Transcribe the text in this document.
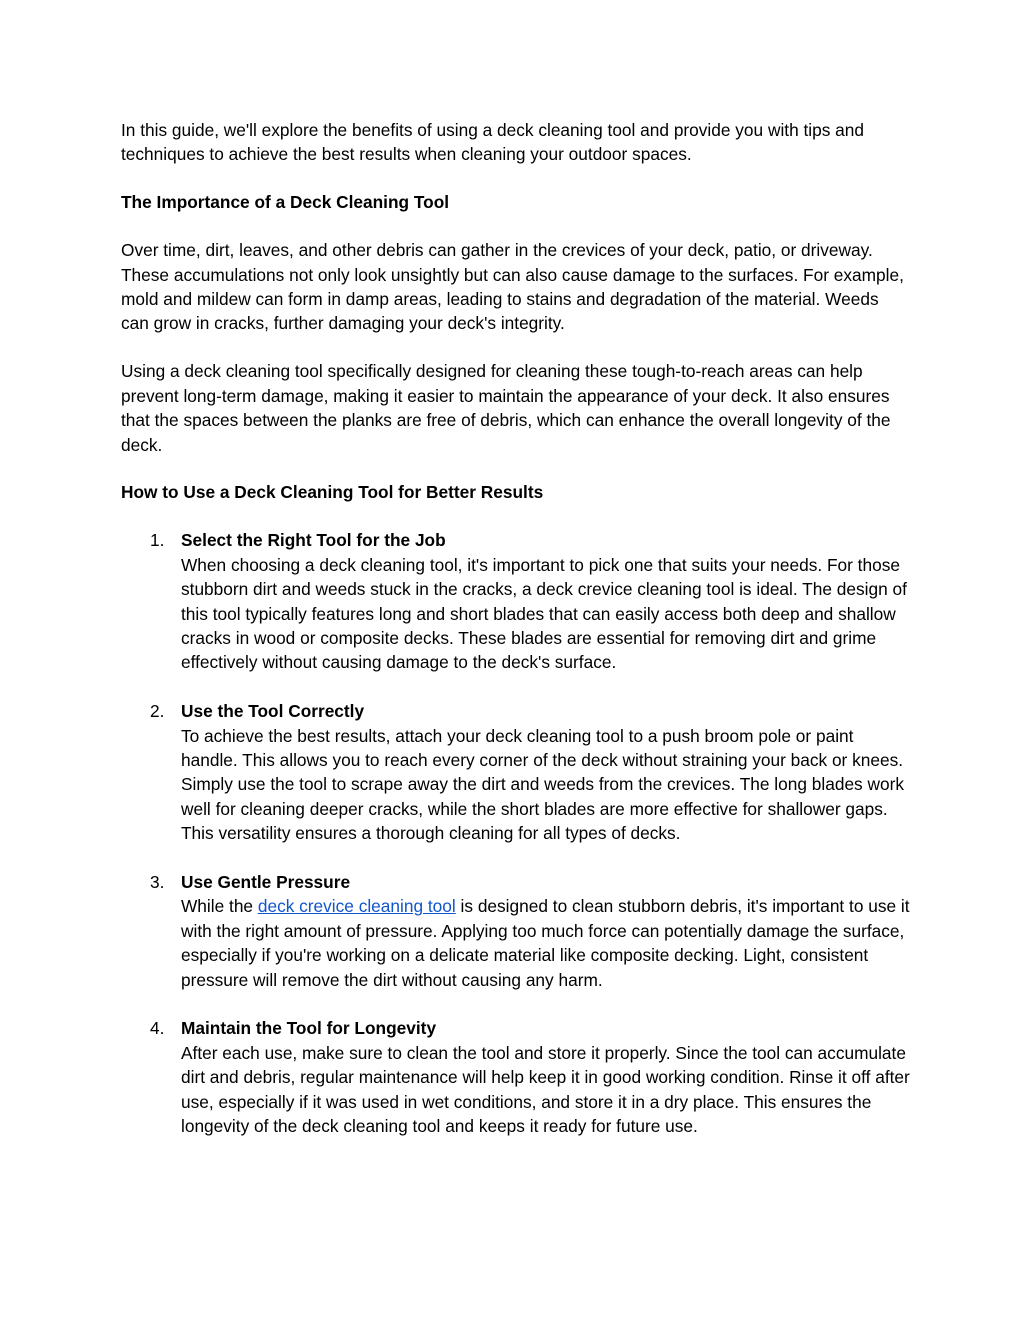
In this guide, we'll explore the benefits of using a deck cleaning tool and provide you with tips and techniques to achieve the best results when cleaning your outdoor spaces.

The Importance of a Deck Cleaning Tool

Over time, dirt, leaves, and other debris can gather in the crevices of your deck, patio, or driveway. These accumulations not only look unsightly but can also cause damage to the surfaces. For example, mold and mildew can form in damp areas, leading to stains and degradation of the material. Weeds can grow in cracks, further damaging your deck's integrity.

Using a deck cleaning tool specifically designed for cleaning these tough-to-reach areas can help prevent long-term damage, making it easier to maintain the appearance of your deck. It also ensures that the spaces between the planks are free of debris, which can enhance the overall longevity of the deck.

How to Use a Deck Cleaning Tool for Better Results

1. Select the Right Tool for the Job
When choosing a deck cleaning tool, it's important to pick one that suits your needs. For those stubborn dirt and weeds stuck in the cracks, a deck crevice cleaning tool is ideal. The design of this tool typically features long and short blades that can easily access both deep and shallow cracks in wood or composite decks. These blades are essential for removing dirt and grime effectively without causing damage to the deck's surface.
2. Use the Tool Correctly
To achieve the best results, attach your deck cleaning tool to a push broom pole or paint handle. This allows you to reach every corner of the deck without straining your back or knees. Simply use the tool to scrape away the dirt and weeds from the crevices. The long blades work well for cleaning deeper cracks, while the short blades are more effective for shallower gaps. This versatility ensures a thorough cleaning for all types of decks.
3. Use Gentle Pressure
While the deck crevice cleaning tool is designed to clean stubborn debris, it's important to use it with the right amount of pressure. Applying too much force can potentially damage the surface, especially if you're working on a delicate material like composite decking. Light, consistent pressure will remove the dirt without causing any harm.
4. Maintain the Tool for Longevity
After each use, make sure to clean the tool and store it properly. Since the tool can accumulate dirt and debris, regular maintenance will help keep it in good working condition. Rinse it off after use, especially if it was used in wet conditions, and store it in a dry place. This ensures the longevity of the deck cleaning tool and keeps it ready for future use.
